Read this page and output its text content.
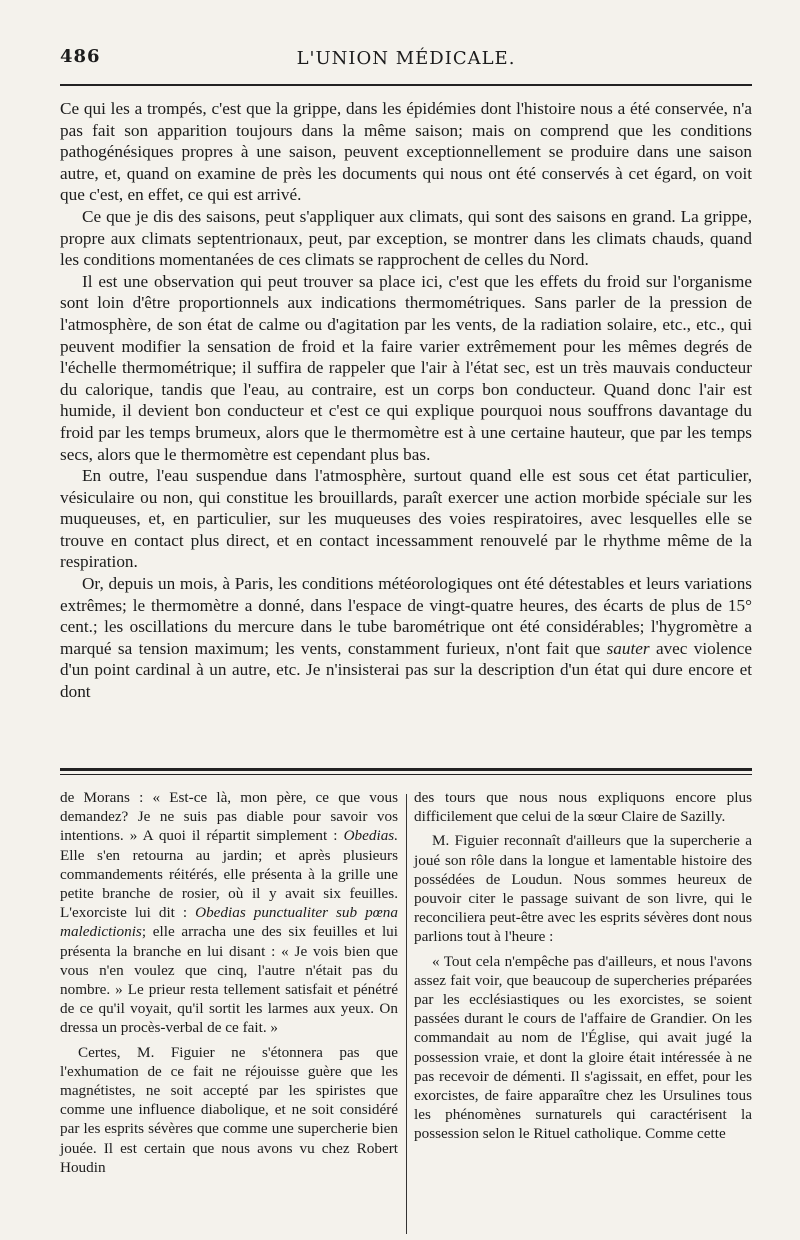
486	L'UNION MÉDICALE.

Ce qui les a trompés, c'est que la grippe, dans les épidémies dont l'histoire nous a été conservée, n'a pas fait son apparition toujours dans la même saison; mais on comprend que les conditions pathogénésiques propres à une saison, peuvent exceptionnellement se produire dans une saison autre, et, quand on examine de près les documents qui nous ont été conservés à cet égard, on voit que c'est, en effet, ce qui est arrivé.

Ce que je dis des saisons, peut s'appliquer aux climats, qui sont des saisons en grand. La grippe, propre aux climats septentrionaux, peut, par exception, se montrer dans les climats chauds, quand les conditions momentanées de ces climats se rapprochent de celles du Nord.

Il est une observation qui peut trouver sa place ici, c'est que les effets du froid sur l'organisme sont loin d'être proportionnels aux indications thermométriques. Sans parler de la pression de l'atmosphère, de son état de calme ou d'agitation par les vents, de la radiation solaire, etc., etc., qui peuvent modifier la sensation de froid et la faire varier extrêmement pour les mêmes degrés de l'échelle thermométrique; il suffira de rappeler que l'air à l'état sec, est un très mauvais conducteur du calorique, tandis que l'eau, au contraire, est un corps bon conducteur. Quand donc l'air est humide, il devient bon conducteur et c'est ce qui explique pourquoi nous souffrons davantage du froid par les temps brumeux, alors que le thermomètre est à une certaine hauteur, que par les temps secs, alors que le thermomètre est cependant plus bas.

En outre, l'eau suspendue dans l'atmosphère, surtout quand elle est sous cet état particulier, vésiculaire ou non, qui constitue les brouillards, paraît exercer une action morbide spéciale sur les muqueuses, et, en particulier, sur les muqueuses des voies respiratoires, avec lesquelles elle se trouve en contact plus direct, et en contact incessamment renouvelé par le rhythme même de la respiration.

Or, depuis un mois, à Paris, les conditions météorologiques ont été détestables et leurs variations extrêmes; le thermomètre a donné, dans l'espace de vingt-quatre heures, des écarts de plus de 15° cent.; les oscillations du mercure dans le tube barométrique ont été considérables; l'hygromètre a marqué sa tension maximum; les vents, constamment furieux, n'ont fait que sauter avec violence d'un point cardinal à un autre, etc. Je n'insisterai pas sur la description d'un état qui dure encore et dont

de Morans : « Est-ce là, mon père, ce que vous demandez? Je ne suis pas diable pour savoir vos intentions. » A quoi il répartit simplement : Obedias. Elle s'en retourna au jardin; et après plusieurs commandements réitérés, elle présenta à la grille une petite branche de rosier, où il y avait six feuilles. L'exorciste lui dit : Obedias punctualiter sub pœna maledictionis; elle arracha une des six feuilles et lui présenta la branche en lui disant : « Je vois bien que vous n'en voulez que cinq, l'autre n'était pas du nombre. » Le prieur resta tellement satisfait et pénétré de ce qu'il voyait, qu'il sortit les larmes aux yeux. On dressa un procès-verbal de ce fait. »

Certes, M. Figuier ne s'étonnera pas que l'exhumation de ce fait ne réjouisse guère que les magnétistes, ne soit accepté par les spiristes que comme une influence diabolique, et ne soit considéré par les esprits sévères que comme une supercherie bien jouée. Il est certain que nous avons vu chez Robert Houdin

des tours que nous nous expliquons encore plus difficilement que celui de la sœur Claire de Sazilly.

M. Figuier reconnaît d'ailleurs que la supercherie a joué son rôle dans la longue et lamentable histoire des possédées de Loudun. Nous sommes heureux de pouvoir citer le passage suivant de son livre, qui le reconciliera peut-être avec les esprits sévères dont nous parlions tout à l'heure :

« Tout cela n'empêche pas d'ailleurs, et nous l'avons assez fait voir, que beaucoup de supercheries préparées par les ecclésiastiques ou les exorcistes, se soient passées durant le cours de l'affaire de Grandier. On les commandait au nom de l'Église, qui avait jugé la possession vraie, et dont la gloire était intéressée à ne pas recevoir de démenti. Il s'agissait, en effet, pour les exorcistes, de faire apparaître chez les Ursulines tous les phénomènes surnaturels qui caractérisent la possession selon le Rituel catholique. Comme cette
